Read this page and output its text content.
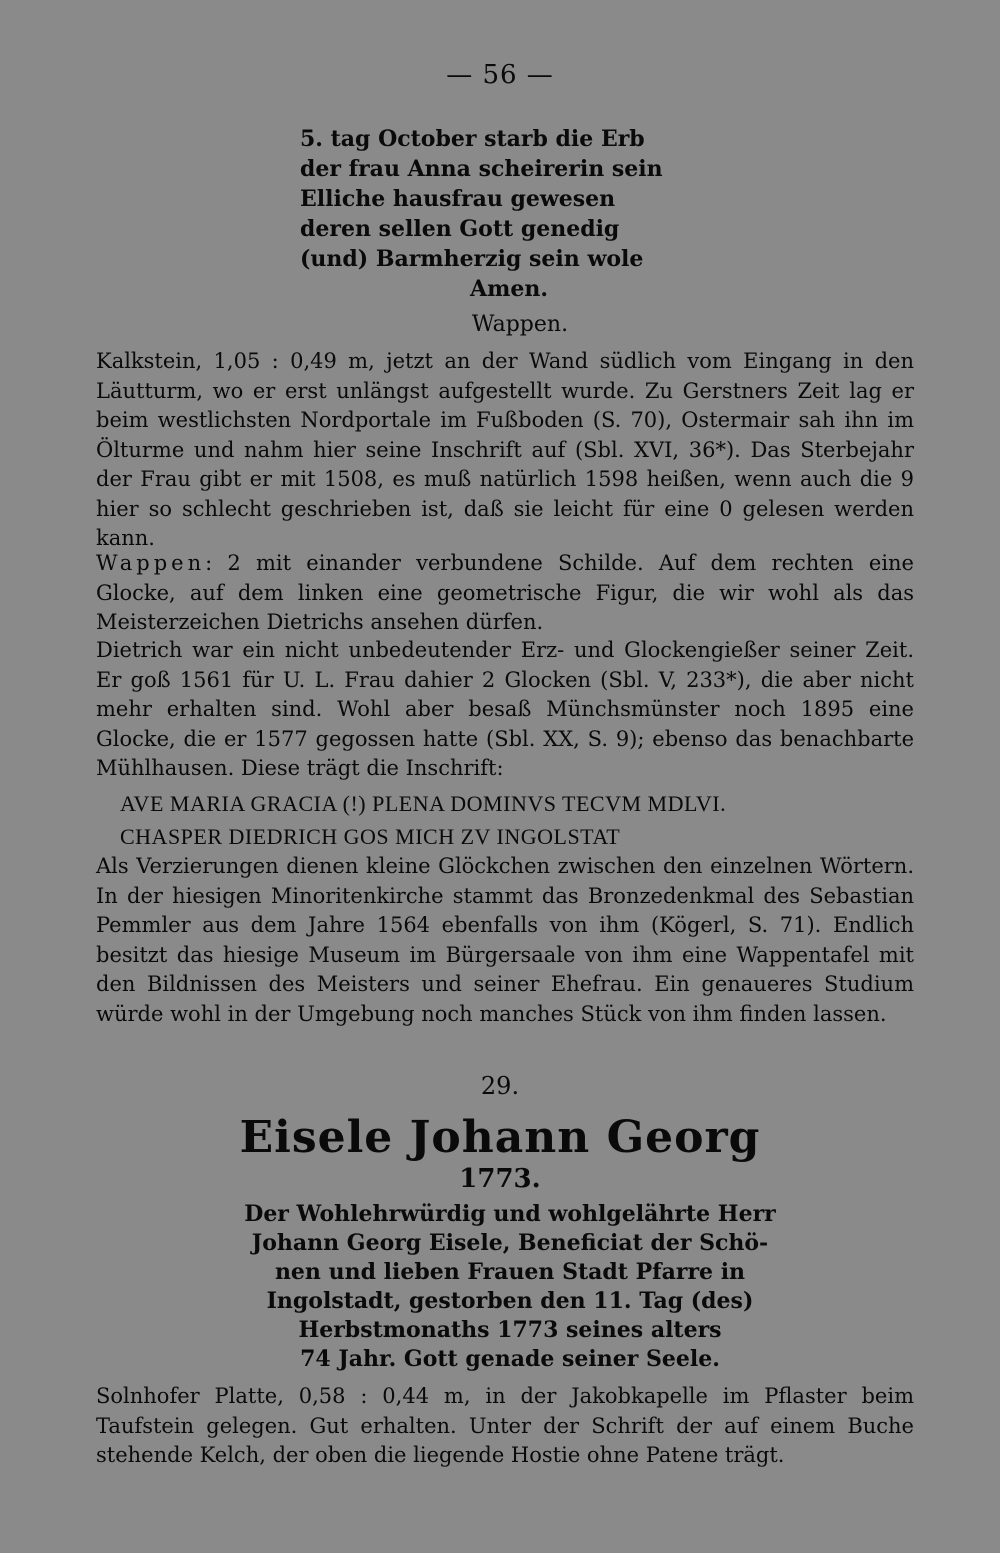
— 56 —
5. tag October starb die Erb
der frau Anna scheirerin sein
Elliche hausfrau gewesen
deren sellen Gott genedig
(und) Barmherzig sein wole
Amen.
Wappen.
Kalkstein, 1,05 : 0,49 m, jetzt an der Wand südlich vom Eingang in den Läutturm, wo er erst unlängst aufgestellt wurde. Zu Gerstners Zeit lag er beim westlichsten Nordportale im Fußboden (S. 70), Ostermair sah ihn im Ölturme und nahm hier seine Inschrift auf (Sbl. XVI, 36*). Das Sterbejahr der Frau gibt er mit 1508, es muß natürlich 1598 heißen, wenn auch die 9 hier so schlecht geschrieben ist, daß sie leicht für eine 0 gelesen werden kann.
Wappen: 2 mit einander verbundene Schilde. Auf dem rechten eine Glocke, auf dem linken eine geometrische Figur, die wir wohl als das Meisterzeichen Dietrichs ansehen dürfen.
Dietrich war ein nicht unbedeutender Erz- und Glockengießer seiner Zeit. Er goß 1561 für U. L. Frau dahier 2 Glocken (Sbl. V, 233*), die aber nicht mehr erhalten sind. Wohl aber besaß Münchsmünster noch 1895 eine Glocke, die er 1577 gegossen hatte (Sbl. XX, S. 9); ebenso das benachbarte Mühlhausen. Diese trägt die Inschrift:
AVE MARIA GRACIA (!) PLENA DOMINVS TECVM MDLVI.
CHASPER DIEDRICH GOS MICH ZV INGOLSTAT
Als Verzierungen dienen kleine Glöckchen zwischen den einzelnen Wörtern. In der hiesigen Minoritenkirche stammt das Bronzedenkmal des Sebastian Pemmler aus dem Jahre 1564 ebenfalls von ihm (Kögerl, S. 71). Endlich besitzt das hiesige Museum im Bürgersaale von ihm eine Wappentafel mit den Bildnissen des Meisters und seiner Ehefrau. Ein genaueres Studium würde wohl in der Umgebung noch manches Stück von ihm finden lassen.
29.
Eisele Johann Georg
1773.
Der Wohlehrwürdig und wohlgelährte Herr
Johann Georg Eisele, Beneficiat der Schö-
nen und lieben Frauen Stadt Pfarre in
Ingolstadt, gestorben den 11. Tag (des)
Herbstmonaths 1773 seines alters
74 Jahr. Gott genade seiner Seele.
Solnhofer Platte, 0,58 : 0,44 m, in der Jakobkapelle im Pflaster beim Taufstein gelegen. Gut erhalten. Unter der Schrift der auf einem Buche stehende Kelch, der oben die liegende Hostie ohne Patene trägt.
